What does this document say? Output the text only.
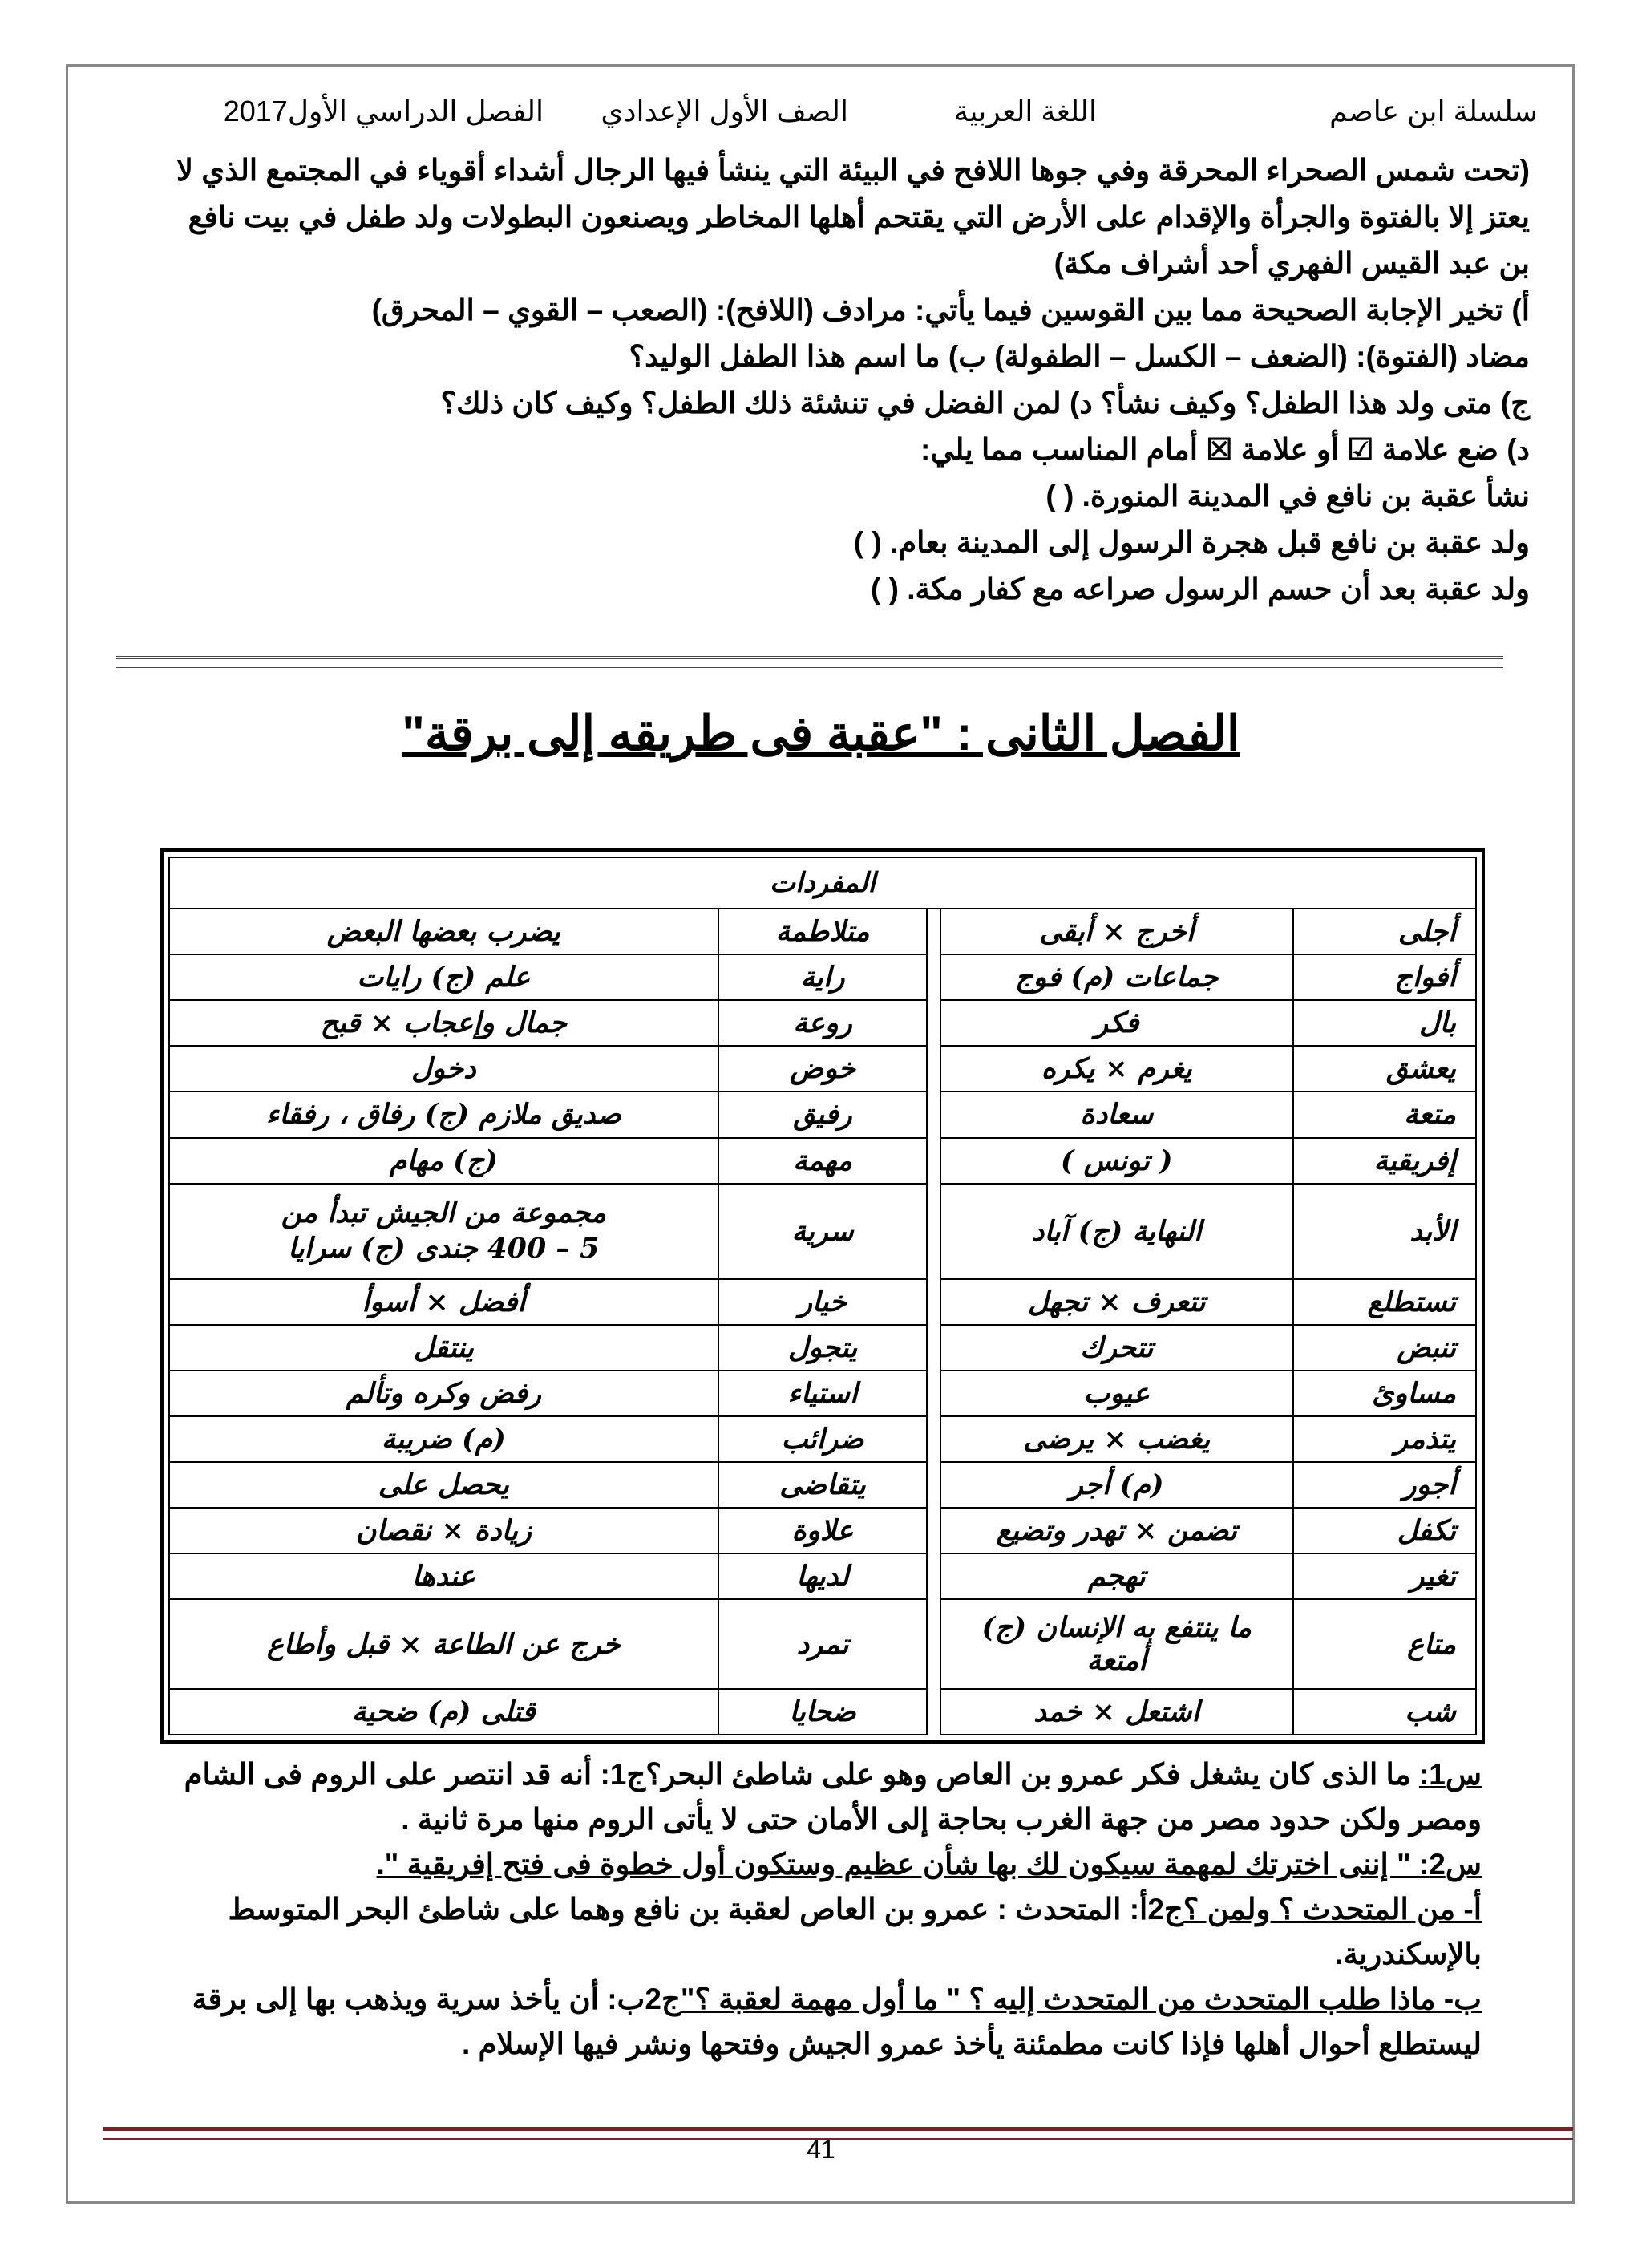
سلسلة ابن عاصم
اللغة العربية
الصف الأول الإعدادي
الفصل الدراسي الأول2017
(تحت شمس الصحراء المحرقة وفي جوها اللافح في البيئة التي ينشأ فيها الرجال أشداء أقوياء في المجتمع الذي لا
يعتز إلا بالفتوة والجرأة والإقدام على الأرض التي يقتحم أهلها المخاطر ويصنعون البطولات ولد طفل في بيت نافع
بن عبد القيس الفهري أحد أشراف مكة)
أ) تخير الإجابة الصحيحة مما بين القوسين فيما يأتي: مرادف (اللافح): (الصعب – القوي – المحرق)
مضاد (الفتوة): (الضعف – الكسل – الطفولة) ب) ما اسم هذا الطفل الوليد؟
ج) متى ولد هذا الطفل؟ وكيف نشأ؟ د) لمن الفضل في تنشئة ذلك الطفل؟ وكيف كان ذلك؟
د) ضع علامة ☑ أو علامة ☒ أمام المناسب مما يلي:
نشأ عقبة بن نافع في المدينة المنورة. ( )
ولد عقبة بن نافع قبل هجرة الرسول إلى المدينة بعام. ( )
ولد عقبة بعد أن حسم الرسول صراعه مع كفار مكة. ( )
الفصل الثانى : "عقبة فى طريقه إلى برقة"
المفردات				
أجلى	أخرج × أبقى		متلاطمة	يضرب بعضها البعض
أفواج	جماعات (م) فوج		راية	علم (ج) رايات
بال	فكر		روعة	جمال وإعجاب × قبح
يعشق	يغرم × يكره		خوض	دخول
متعة	سعادة		رفيق	صديق ملازم (ج) رفاق ، رفقاء
إفريقية	( تونس )		مهمة	(ج) مهام
الأبد	النهاية (ج) آباد		سرية	مجموعة من الجيش تبدأ من
5 – 400 جندى (ج) سرايا

تستطلع	تتعرف × تجهل		خيار	أفضل × أسوأ
تنبض	تتحرك		يتجول	ينتقل
مساوئ	عيوب		استياء	رفض وكره وتألم
يتذمر	يغضب × يرضى		ضرائب	(م) ضريبة
أجور	(م) أجر		يتقاضى	يحصل على
تكفل	تضمن × تهدر وتضيع		علاوة	زيادة × نقصان
تغير	تهجم		لديها	عندها
متاع	ما ينتفع به الإنسان (ج) أمتعة		تمرد	خرج عن الطاعة × قبل وأطاع
شب	اشتعل × خمد		ضحايا	قتلى (م) ضحية
س1: ما الذى كان يشغل فكر عمرو بن العاص وهو على شاطئ البحر؟ج1: أنه قد انتصر على الروم فى الشام
ومصر ولكن حدود مصر من جهة الغرب بحاجة إلى الأمان حتى لا يأتى الروم منها مرة ثانية .
س2: " إننى اخترتك لمهمة سيكون لك بها شأن عظيم وستكون أول خطوة فى فتح إفريقية ".
أ- من المتحدث ؟ ولمن ؟ج2أ: المتحدث : عمرو بن العاص لعقبة بن نافع وهما على شاطئ البحر المتوسط
بالإسكندرية.
ب- ماذا طلب المتحدث من المتحدث إليه ؟ " ما أول مهمة لعقبة ؟"ج2ب: أن يأخذ سرية ويذهب بها إلى برقة
ليستطلع أحوال أهلها فإذا كانت مطمئنة يأخذ عمرو الجيش وفتحها ونشر فيها الإسلام .
41
